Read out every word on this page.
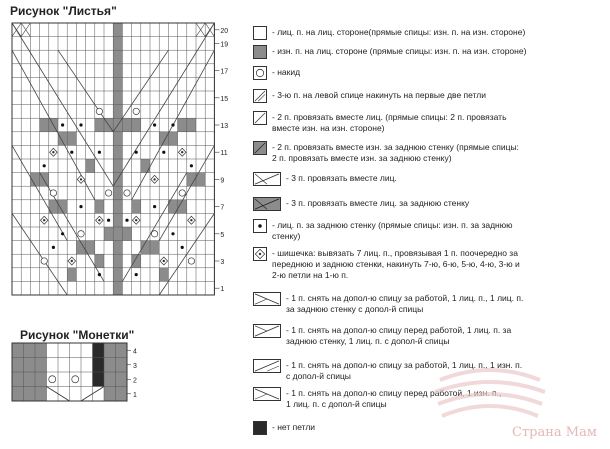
Рисунок "Листья"
20
19
17
15
13
11
9
7
5
3
1
Рисунок "Монетки"
4
3
2
1
- лиц. п. на лиц. стороне(прямые спицы: изн. п. на изн. стороне)
- изн. п. на лиц. стороне (прямые спицы: изн. п. на изн. стороне)
- накид
- 3-ю п. на левой спице накинуть на первые две петли
- 2 п. провязать вместе лиц. (прямые спицы: 2 п. провязать
вместе изн. на изн. стороне)
- 2 п. провязать вместе изн. за заднюю стенку (прямые спицы:
2 п. провязать вместе изн. за заднюю стенку)
- 3 п. провязать вместе лиц.
- 3 п. провязать вместе лиц. за заднюю стенку
- лиц. п. за заднюю стенку (прямые спицы: изн. п. за заднюю
стенку)
- шишечка: вывязать 7 лиц. п., провязывая 1 п. поочередно за
переднюю и заднюю стенки, накинуть 7-ю, 6-ю, 5-ю, 4-ю, 3-ю и
2-ю петли на 1-ю п.
- 1 п. снять на допол-ю спицу за работой, 1 лиц. п., 1 лиц. п.
за заднюю стенку с допол-й спицы
- 1 п. снять на допол-ю спицу перед работой, 1 лиц. п. за
заднюю стенку, 1 лиц. п. с допол-й спицы
- 1 п. снять на допол-ю спицу за работой, 1 лиц. п., 1 изн. п.
с допол-й спицы
- 1 п. снять на допол-ю спицу перед работой, 1 изн. п.,
1 лиц. п. с допол-й спицы
- нет петли
	Страна Мам
